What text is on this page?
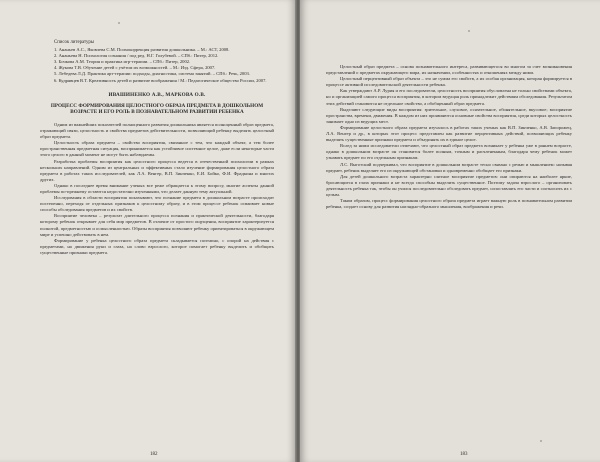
Список литературы

1. Ананьев А.С., Яковлева С.М. Психокоррекция развития дошкольника. – М.: АСТ, 2008.

2. Ананьева Н. Психология сознания / под ред. Н.Г. Голубевой. – СПб.: Питер, 2012.

3. Бочкова А.М. Теория и практика игр-терапии. – СПб.: Питер, 2002.

4. Жукова Т.В. Обучение детей с учётом их возможностей. – М.: Изд. Сфера, 2007.

5. Лебедева Л.Д. Практика арт-терапии: подходы, диагностика, система занятий. – СПб.: Речь, 2003.

6. Кудрявцев В.Т. Креативность детей и развитие воображения / М.: Педагогическое общество России, 2007.

ИВАШИНЕНКО А.В., МАРКОВА О.В.
ПРОЦЕСС ФОРМИРОВАНИЯ ЦЕЛОСТНОГО ОБРАЗА ПРЕДМЕТА В ДОШКОЛЬНОМ ВОЗРАСТЕ И ЕГО РОЛЬ В ПОЗНАВАТЕЛЬНОМ РАЗВИТИИ РЕБЕНКА

Одним из важнейших показателей полноценного развития дошкольника является полноценный образ предмета, отражающий связи, целостность и свойства предметов действительности, позволяющий ребенку выделять целостный образ предмета.

Целостность образа предмета – свойство восприятия, связанное с тем, что каждый объект, а тем более пространственная предметная ситуация, воспринимается как устойчивое системное целое, даже если некоторые части этого целого в данный момент не могут быть наблюдаемы.

Разработка проблемы восприятия как целостного процесса ведется в отечественной психологии в рамках нескольких направлений. Одним из центральных и эффективных стало изучение формирования целостного образа предмета в работах таких исследователей, как Л.А. Венгер, В.П. Зинченко, Е.И. Бойко, Ф.И. Фрадкина и многих других.

Однако в последнее время внимание ученых все реже обращается к этому вопросу, многие аспекты данной проблемы по-прежнему остаются недостаточно изученными, что делает данную тему актуальной.

Исследования в области восприятия показывают, что познание предмета в дошкольном возрасте происходит постепенно, переходя от отдельных признаков к целостному образу, и в этом процессе ребенок осваивает новые способы обследования предметов и их свойств.

Восприятие человека – результат длительного процесса познания и практической деятельности, благодаря которому ребенок открывает для себя мир предметов. В отличие от простого ощущения, восприятие характеризуется полнотой, предметностью и осмысленностью. Образы восприятия позволяют ребенку ориентироваться в окружающем мире и успешно действовать в нем.

Формирование у ребенка целостного образа предмета складывается поэтапно, с опорой на действия с предметами, на движения руки и глаза, на слово взрослого, которое помогает ребенку выделить и обобщить существенные признаки предмета.

182

Целостный образ предмета – основа познавательного интереса, развивающегося во многом за счет возникновения представлений о предметах окружающего мира, их назначении, особенностях и отношениях между ними.

Целостный перцептивный образ объекта – это не сумма его свойств, а их особая организация, которая формируется в процессе активной исследовательской деятельности ребенка.

Как утверждают А.Р. Лурия и его последователи, целостность восприятия обусловлена не только свойствами объекта, но и организацией самого процесса восприятия, в котором ведущая роль принадлежит действиям обследования. Результатом этих действий становится не отдельное свойство, а обобщенный образ предмета.

Выделяют следующие виды восприятия: зрительное, слуховое, осязательное, обонятельное, вкусовое; восприятие пространства, времени, движения. В каждом из них проявляются основные свойства восприятия, среди которых целостность занимает одно из ведущих мест.

Формирование целостного образа предмета изучалось в работах таких ученых как В.П. Зинченко, А.В. Запорожец, Л.А. Венгер и др., в которых этот процесс представлен как развитие перцептивных действий, позволяющих ребенку выделять существенные признаки предмета и объединять их в единое целое.

Вслед за ними исследователи отмечают, что целостный образ предмета возникает у ребенка уже в раннем возрасте, однако в дошкольном возрасте он становится более полным, точным и расчлененным, благодаря чему ребенок может узнавать предмет по его отдельным признакам.

Л.С. Выготский подчеркивал, что восприятие в дошкольном возрасте тесно связано с речью и мышлением: называя предмет, ребенок выделяет его из окружающей обстановки и одновременно обобщает его признаки.

Для детей дошкольного возраста характерно слитное восприятие предметов: они опираются на наиболее яркие, бросающиеся в глаза признаки и не всегда способны выделить существенное. Поэтому задача взрослого – организовать деятельность ребенка так, чтобы он учился последовательно обследовать предмет, сопоставлять его части и соотносить их с целым.

Таким образом, процесс формирования целостного образа предмета играет важную роль в познавательном развитии ребенка, создает основу для развития наглядно-образного мышления, воображения и речи.

183
